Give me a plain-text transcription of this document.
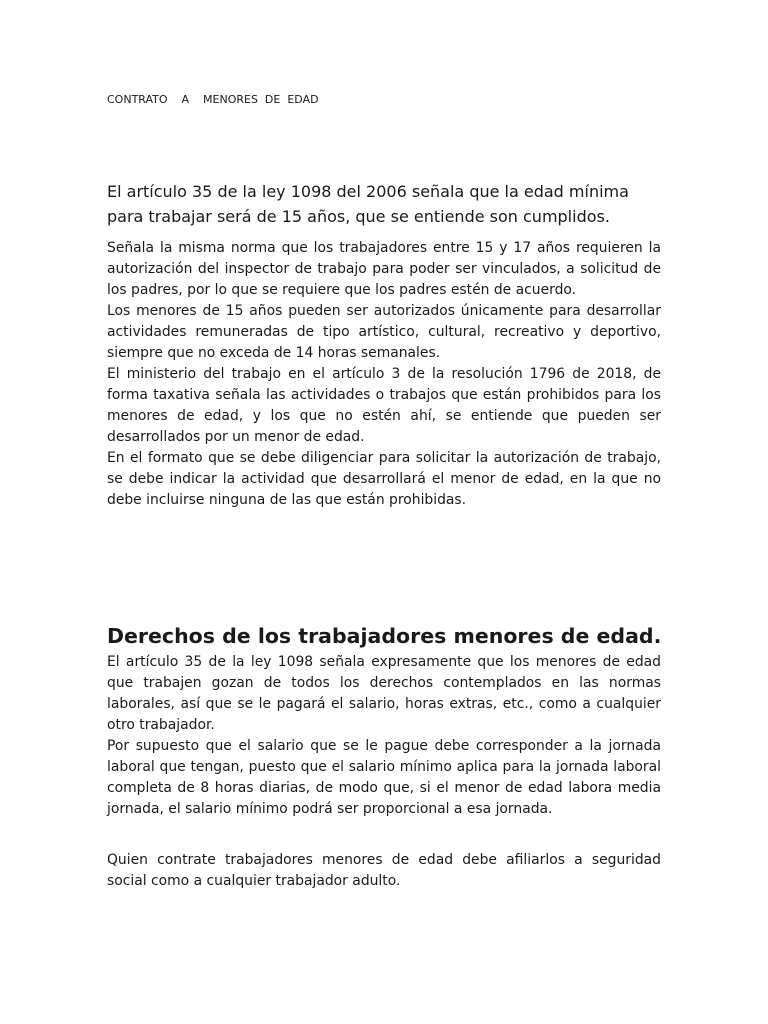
CONTRATO    A    MENORES  DE  EDAD

El artículo 35 de la ley 1098 del 2006 señala que la edad mínima para trabajar será de 15 años, que se entiende son cumplidos.

Señala la misma norma que los trabajadores entre 15 y 17 años requieren la autorización del inspector de trabajo para poder ser vinculados, a solicitud de los padres, por lo que se requiere que los padres estén de acuerdo.

Los menores de 15 años pueden ser autorizados únicamente para desarrollar actividades remuneradas de tipo artístico, cultural, recreativo y deportivo, siempre que no exceda de 14 horas semanales.

El ministerio del trabajo en el artículo 3 de la resolución 1796 de 2018, de forma taxativa señala las actividades o trabajos que están prohibidos para los menores de edad, y los que no estén ahí, se entiende que pueden ser desarrollados por un menor de edad.

En el formato que se debe diligenciar para solicitar la autorización de trabajo, se debe indicar la actividad que desarrollará el menor de edad, en la que no debe incluirse ninguna de las que están prohibidas.

Derechos de los trabajadores menores de edad.

El artículo 35 de la ley 1098 señala expresamente que los menores de edad que trabajen gozan de todos los derechos contemplados en las normas laborales, así que se le pagará el salario, horas extras, etc., como a cualquier otro trabajador.

Por supuesto que el salario que se le pague debe corresponder a la jornada laboral que tengan, puesto que el salario mínimo aplica para la jornada laboral completa de 8 horas diarias, de modo que, si el menor de edad labora media jornada, el salario mínimo podrá ser proporcional a esa jornada.

Quien contrate trabajadores menores de edad debe afiliarlos a seguridad social como a cualquier trabajador adulto.
